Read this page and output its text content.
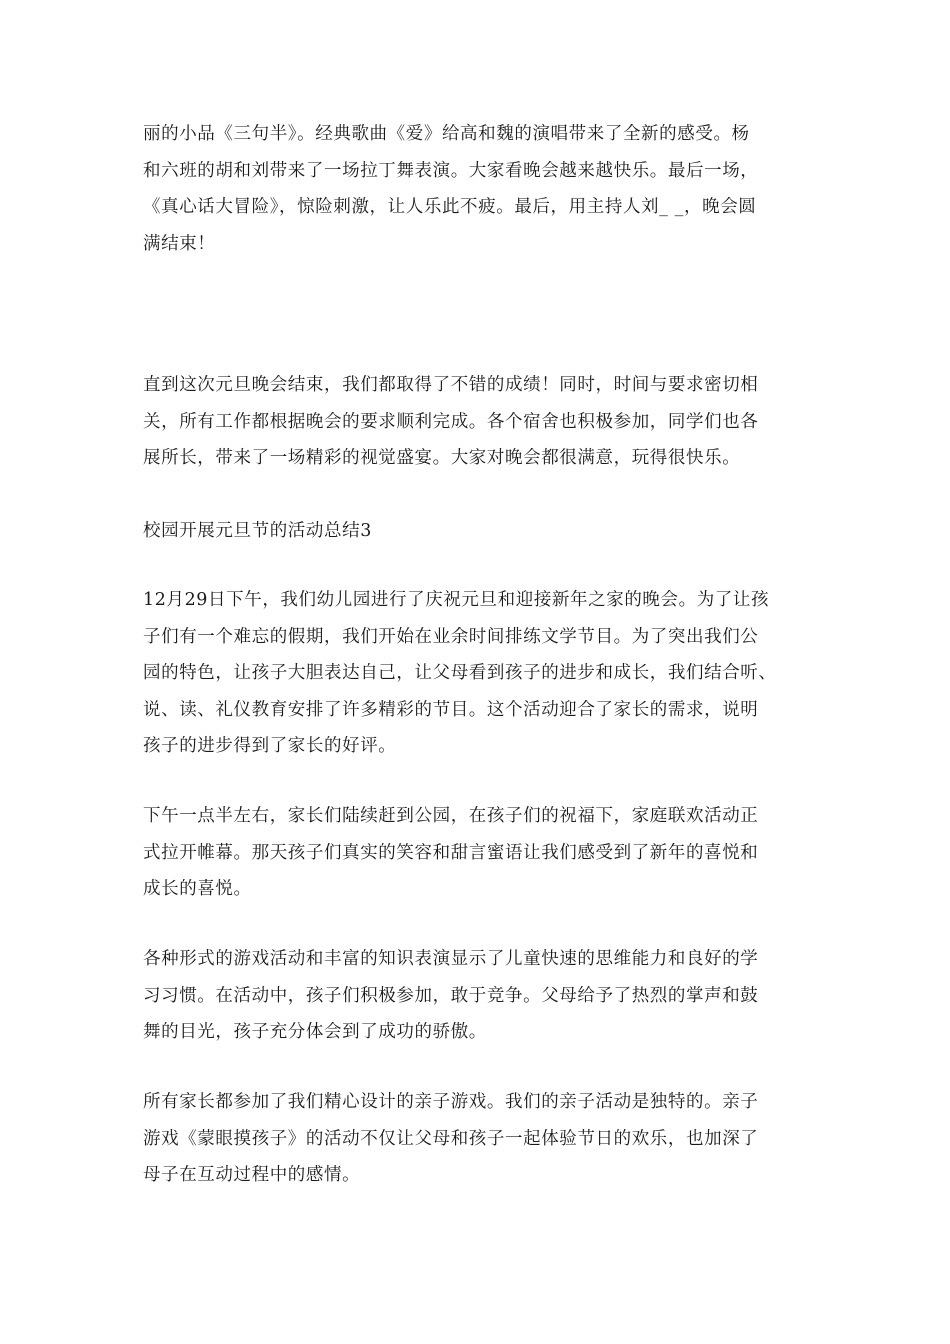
丽的小品《三句半》。经典歌曲《爱》给高和魏的演唱带来了全新的感受。杨
和六班的胡和刘带来了一场拉丁舞表演。大家看晚会越来越快乐。最后一场，
《真心话大冒险》，惊险刺激，让人乐此不疲。最后，用主持人刘_ _，晚会圆
满结束！

直到这次元旦晚会结束，我们都取得了不错的成绩！同时，时间与要求密切相
关，所有工作都根据晚会的要求顺利完成。各个宿舍也积极参加，同学们也各
展所长，带来了一场精彩的视觉盛宴。大家对晚会都很满意，玩得很快乐。

校园开展元旦节的活动总结3

12月29日下午，我们幼儿园进行了庆祝元旦和迎接新年之家的晚会。为了让孩
子们有一个难忘的假期，我们开始在业余时间排练文学节目。为了突出我们公
园的特色，让孩子大胆表达自己，让父母看到孩子的进步和成长，我们结合听、
说、读、礼仪教育安排了许多精彩的节目。这个活动迎合了家长的需求，说明
孩子的进步得到了家长的好评。

下午一点半左右，家长们陆续赶到公园，在孩子们的祝福下，家庭联欢活动正
式拉开帷幕。那天孩子们真实的笑容和甜言蜜语让我们感受到了新年的喜悦和
成长的喜悦。

各种形式的游戏活动和丰富的知识表演显示了儿童快速的思维能力和良好的学
习习惯。在活动中，孩子们积极参加，敢于竞争。父母给予了热烈的掌声和鼓
舞的目光，孩子充分体会到了成功的骄傲。

所有家长都参加了我们精心设计的亲子游戏。我们的亲子活动是独特的。亲子
游戏《蒙眼摸孩子》的活动不仅让父母和孩子一起体验节日的欢乐，也加深了
母子在互动过程中的感情。
